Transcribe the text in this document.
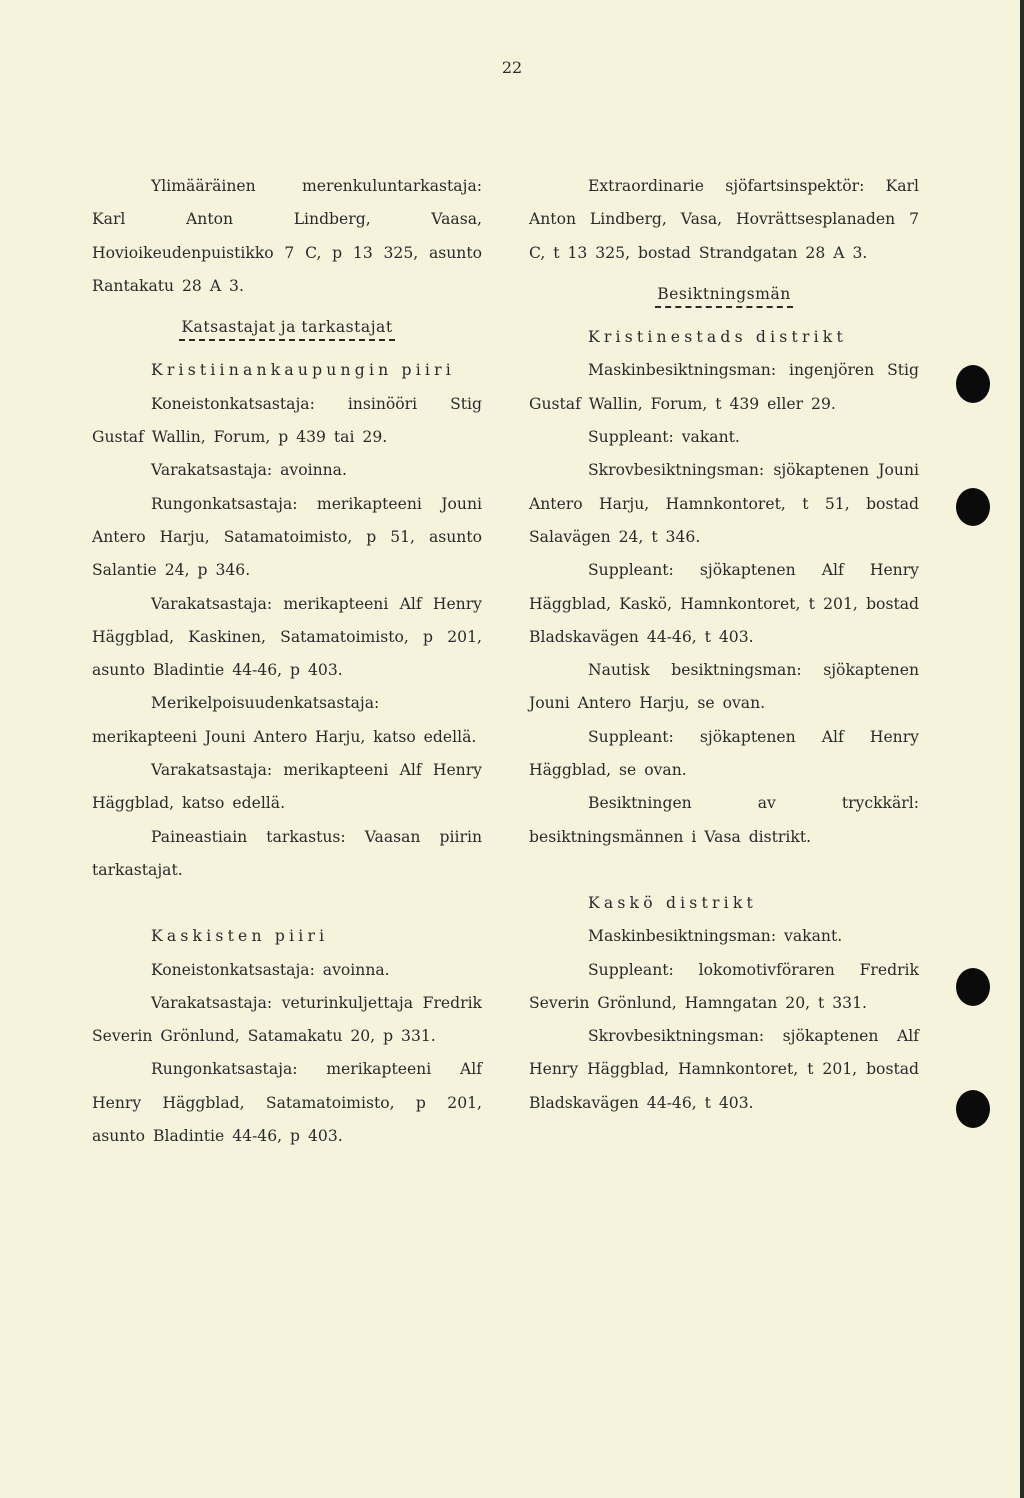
22

Ylimääräinen merenkuluntarkastaja: Karl Anton Lindberg, Vaasa, Hovioikeudenpuistikko 7 C, p 13 325, asunto Rantakatu 28 A 3.

Katsastajat ja tarkastajat

Kristiinankaupungin piiri

Koneistonkatsastaja: insinööri Stig Gustaf Wallin, Forum, p 439 tai 29.

Varakatsastaja: avoinna.

Rungonkatsastaja: merikapteeni Jouni Antero Harju, Satamatoimisto, p 51, asunto Salantie 24, p 346.

Varakatsastaja: merikapteeni Alf Henry Häggblad, Kaskinen, Satamatoimisto, p 201, asunto Bladintie 44-46, p 403.

Merikelpoisuudenkatsastaja: merikapteeni Jouni Antero Harju, katso edellä.

Varakatsastaja: merikapteeni Alf Henry Häggblad, katso edellä.

Paineastiain tarkastus: Vaasan piirin tarkastajat.

Kaskisten piiri

Koneistonkatsastaja: avoinna.

Varakatsastaja: veturinkuljettaja Fredrik Severin Grönlund, Satamakatu 20, p 331.

Rungonkatsastaja: merikapteeni Alf Henry Häggblad, Satamatoimisto, p 201, asunto Bladintie 44-46, p 403.

Extraordinarie sjöfartsinspektör: Karl Anton Lindberg, Vasa, Hovrättsesplanaden 7 C, t 13 325, bostad Strandgatan 28 A 3.

Besiktningsmän

Kristinestads distrikt

Maskinbesiktningsman: ingenjören Stig Gustaf Wallin, Forum, t 439 eller 29.

Suppleant: vakant.

Skrovbesiktningsman: sjökaptenen Jouni Antero Harju, Hamnkontoret, t 51, bostad Salavägen 24, t 346.

Suppleant: sjökaptenen Alf Henry Häggblad, Kaskö, Hamnkontoret, t 201, bostad Bladskavägen 44-46, t 403.

Nautisk besiktningsman: sjökaptenen Jouni Antero Harju, se ovan.

Suppleant: sjökaptenen Alf Henry Häggblad, se ovan.

Besiktningen av tryckkärl: besiktningsmännen i Vasa distrikt.

Kaskö distrikt

Maskinbesiktningsman: vakant.

Suppleant: lokomotivföraren Fredrik Severin Grönlund, Hamngatan 20, t 331.

Skrovbesiktningsman: sjökaptenen Alf Henry Häggblad, Hamnkontoret, t 201, bostad Bladskavägen 44-46, t 403.
